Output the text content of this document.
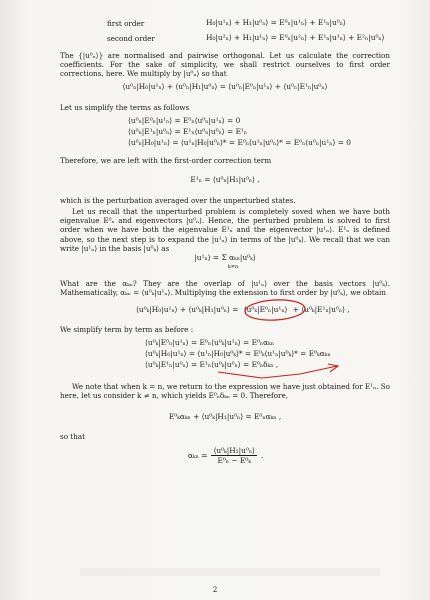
first order	H₀|u¹ₙ⟩ + H₁|u⁰ₙ⟩ = E⁰ₙ|u¹ₙ⟩ + E¹ₙ|u⁰ₙ⟩
second order	H₀|u²ₙ⟩ + H₁|u¹ₙ⟩ = E⁰ₙ|u²ₙ⟩ + E¹ₙ|u¹ₙ⟩ + E²ₙ|u⁰ₙ⟩
The {|u⁰ₙ⟩} are normalised and pairwise orthogonal. Let us calculate the correction coefficients. For the sake of simplicity, we shall restrict ourselves to first order corrections, here. We multiply by |u⁰ₙ⟩ so that
⟨u⁰ₙ|H₀|u¹ₙ⟩ + ⟨u⁰ₙ|H₁|u⁰ₙ⟩ = ⟨u⁰ₙ|E⁰ₙ|u¹ₙ⟩ + ⟨u⁰ₙ|E¹ₙ|u⁰ₙ⟩
Let us simplify the terms as follows
⟨u⁰ₙ|E⁰ₙ|u¹ₙ⟩ = E⁰ₙ⟨u⁰ₙ|u¹ₙ⟩ = 0
⟨u⁰ₙ|E¹ₙ|u⁰ₙ⟩ = E¹ₙ⟨u⁰ₙ|u⁰ₙ⟩ = E¹ₙ
⟨u⁰ₙ|H₀|u¹ₙ⟩ = ⟨u¹ₙ|H₀|u⁰ₙ⟩* = E⁰ₙ⟨u¹ₙ|u⁰ₙ⟩* = E⁰ₙ⟨u⁰ₙ|u¹ₙ⟩ = 0
Therefore, we are left with the first-order correction term
E¹ₙ = ⟨u⁰ₙ|H₁|u⁰ₙ⟩ ,
which is the perturbation averaged over the unperturbed states.
Let us recall that the unperturbed problem is completely soved when we have both eigenvalue E⁰ₙ and eigenvectors |u⁰ₙ⟩. Hence, the perturbed problem is solved to first order when we have both the eigenvalue E¹ₙ and the eigenvector |u¹ₙ⟩. E¹ₙ is defined above, so the next step is to expand the |u¹ₙ⟩ in terms of the |u⁰ₖ⟩. We recall that we can write |u¹ₙ⟩ in the basis |u⁰ₖ⟩ as
|u¹ₙ⟩ = Σ αₖₙ|u⁰ₖ⟩
k≠n
What are the αₖₙ? They are the overlap of |u¹ₙ⟩ over the basis vectors |u⁰ₖ⟩. Mathematically, αₖₙ = ⟨u⁰ₖ|u¹ₙ⟩. Multiplying the extension to first order by |u⁰ₖ⟩, we obtain
⟨u⁰ₖ|H₀|u¹ₙ⟩ + ⟨u⁰ₖ|H₁|u⁰ₙ⟩ = ⟨u⁰ₖ|E⁰ₙ|u¹ₙ⟩ + ⟨u⁰ₖ|E¹ₙ|u⁰ₙ⟩ ,
We simplify term by term as before :
⟨u⁰ₖ|E⁰ₙ|u¹ₙ⟩ = E⁰ₙ⟨u⁰ₖ|u¹ₙ⟩ = E⁰ₙαₖₙ
⟨u⁰ₖ|H₀|u¹ₙ⟩ = ⟨u¹ₙ|H₀|u⁰ₖ⟩* = E⁰ₖ⟨u¹ₙ|u⁰ₖ⟩* = E⁰ₖαₖₙ
⟨u⁰ₖ|E¹ₙ|u⁰ₙ⟩ = E¹ₙ⟨u⁰ₖ|u⁰ₙ⟩ = E⁰ₙδₖₙ ,
We note that when k = n, we return to the expression we have just obtained for E¹ₙ. So here, let us consider k ≠ n, which yields E⁰ₙδₖₙ = 0. Therefore,
E⁰ₖαₖₙ + ⟨u⁰ₖ|H₁|u⁰ₙ⟩ = E⁰ₙαₖₙ ,
so that
αₖₙ =
⟨u⁰ₖ|H₁|u⁰ₙ⟩
E⁰ₙ − E⁰ₖ
.
2
